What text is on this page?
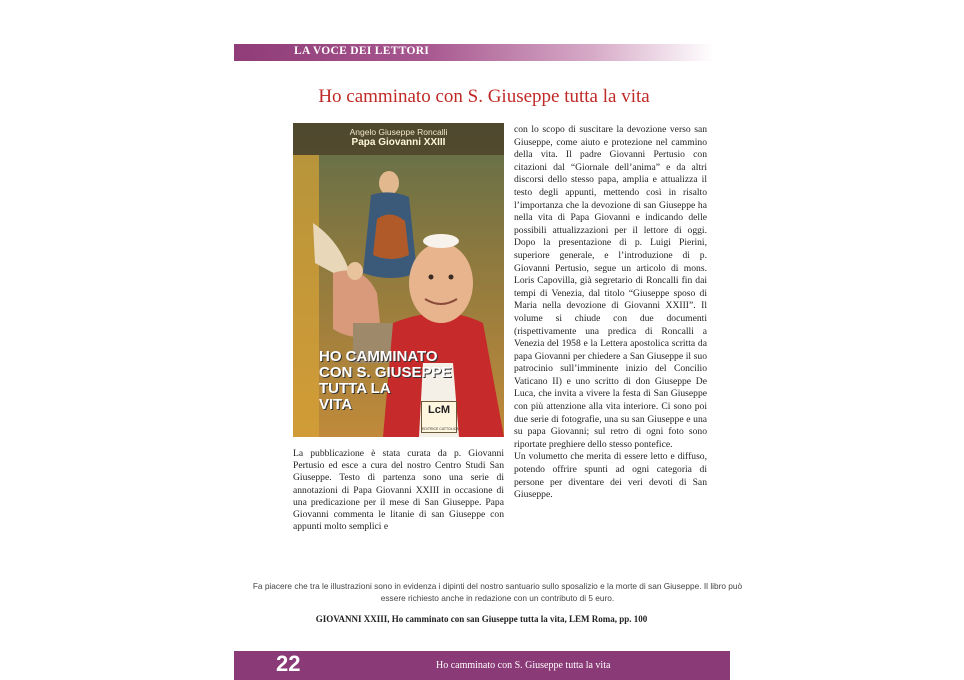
LA VOCE DEI LETTORI
Ho camminato con S. Giuseppe tutta la vita
Angelo Giuseppe Roncalli
Papa Giovanni XXIII
HO CAMMINATO
CON S. GIUSEPPE
TUTTA LA
VITA	LcM
EDITRICE CATTOLICA

La pubblicazione è stata curata da p. Giovanni Pertusio ed esce a cura del nostro Centro Studi San Giuseppe. Testo di partenza sono una serie di annotazioni di Papa Giovanni XXIII in occasione di una predicazione per il mese di San Giuseppe. Papa Giovanni commenta le litanie di san Giuseppe con appunti molto semplici e

con lo scopo di suscitare la devozione verso san Giuseppe, come aiuto e protezione nel cammino della vita. Il padre Giovanni Pertusio con citazioni dal “Giornale dell’anima” e da altri discorsi dello stesso papa, amplia e attualizza il testo degli appunti, mettendo così in risalto l’importanza che la devozione di san Giuseppe ha nella vita di Papa Giovanni e indicando delle possibili attualizzazioni per il lettore di oggi. Dopo la presentazione di p. Luigi Pierini, superiore generale, e l’introduzione di p. Giovanni Pertusio, segue un articolo di mons. Loris Capovilla, già segretario di Roncalli fin dai tempi di Venezia, dal titolo “Giuseppe sposo di Maria nella devozione di Giovanni XXIII”. Il volume si chiude con due documenti (rispettivamente una predica di Roncalli a Venezia del 1958 e la Lettera apostolica scritta da papa Giovanni per chiedere a San Giuseppe il suo patrocinio sull’imminente inizio del Concilio Vaticano II) e uno scritto di don Giuseppe De Luca, che invita a vivere la festa di San Giuseppe con più attenzione alla vita interiore. Ci sono poi due serie di fotografie, una su san Giuseppe e una su papa Giovanni; sul retro di ogni foto sono riportate preghiere dello stesso pontefice.

Un volumetto che merita di essere letto e diffuso, potendo offrire spunti ad ogni categoria di persone per diventare dei veri devoti di San Giuseppe.

Fa piacere che tra le illustrazioni sono in evidenza i dipinti del nostro santuario sullo sposalizio e la morte di san Giuseppe. Il libro può essere richiesto anche in redazione con un contributo di 5 euro.
GIOVANNI XXIII, Ho camminato con san Giuseppe tutta la vita, LEM Roma, pp. 100
22	Ho camminato con S. Giuseppe tutta la vita
